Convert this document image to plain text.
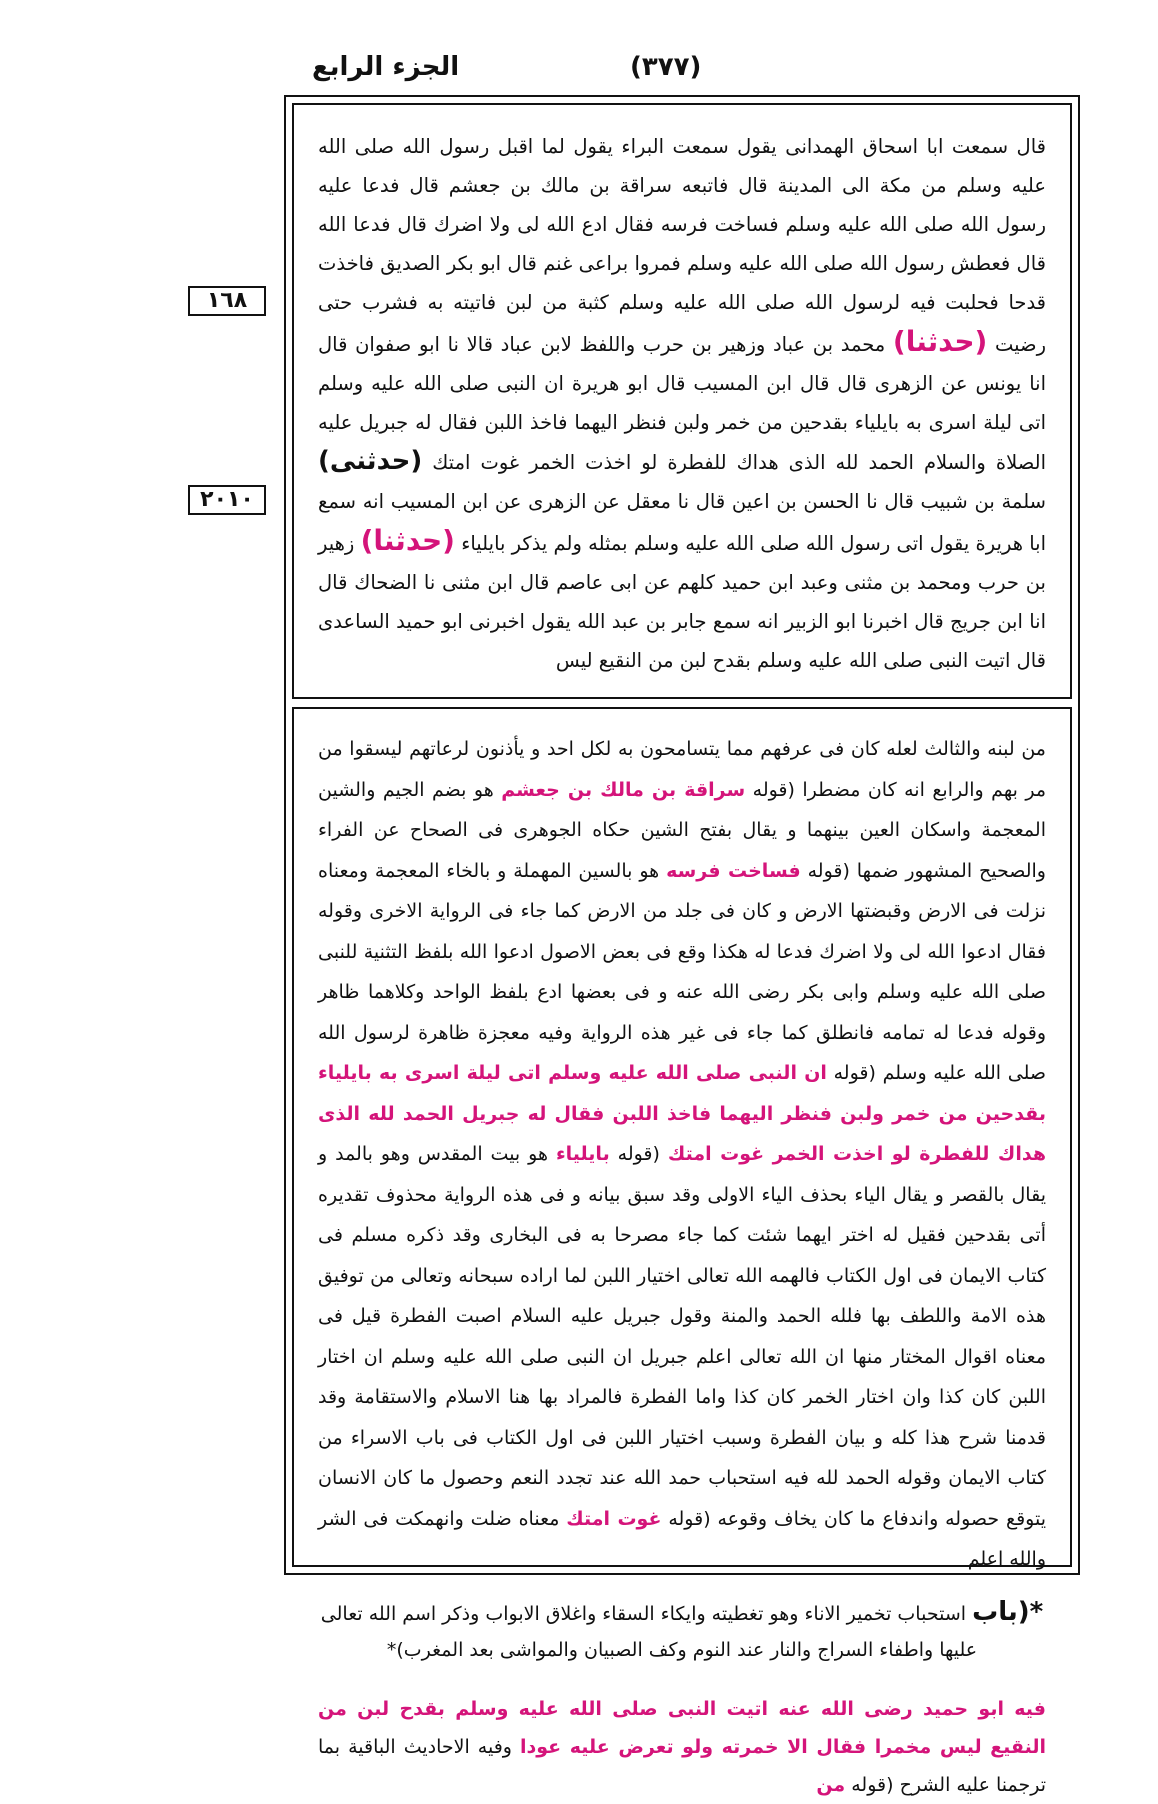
الجزء الرابع	(٣٧٧)
١٦٨
٢٠١٠
قال سمعت ابا اسحاق الهمدانى يقول سمعت البراء يقول لما اقبل رسول الله صلى الله عليه وسلم من مكة الى المدينة قال فاتبعه سراقة بن مالك بن جعشم قال فدعا عليه رسول الله صلى الله عليه وسلم فساخت فرسه فقال ادع الله لى ولا اضرك قال فدعا الله قال فعطش رسول الله صلى الله عليه وسلم فمروا براعى غنم قال ابو بكر الصديق فاخذت قدحا فحلبت فيه لرسول الله صلى الله عليه وسلم كثبة من لبن فاتيته به فشرب حتى رضيت (حدثنا) محمد بن عباد وزهير بن حرب واللفظ لابن عباد قالا نا ابو صفوان قال انا يونس عن الزهرى قال قال ابن المسيب قال ابو هريرة ان النبى صلى الله عليه وسلم اتى ليلة اسرى به بايلياء بقدحين من خمر ولبن فنظر اليهما فاخذ اللبن فقال له جبريل عليه الصلاة والسلام الحمد لله الذى هداك للفطرة لو اخذت الخمر غوت امتك (حدثنى) سلمة بن شبيب قال نا الحسن بن اعين قال نا معقل عن الزهرى عن ابن المسيب انه سمع ابا هريرة يقول اتى رسول الله صلى الله عليه وسلم بمثله ولم يذكر بايلياء (حدثنا) زهير بن حرب ومحمد بن مثنى وعبد ابن حميد كلهم عن ابى عاصم قال ابن مثنى نا الضحاك قال انا ابن جريج قال اخبرنا ابو الزبير انه سمع جابر بن عبد الله يقول اخبرنى ابو حميد الساعدى قال اتيت النبى صلى الله عليه وسلم بقدح لبن من النقيع ليس
من لبنه والثالث لعله كان فى عرفهم مما يتسامحون به لكل احد و يأذنون لرعاتهم ليسقوا من مر بهم والرابع انه كان مضطرا (قوله سراقة بن مالك بن جعشم هو بضم الجيم والشين المعجمة واسكان العين بينهما و يقال بفتح الشين حكاه الجوهرى فى الصحاح عن الفراء والصحيح المشهور ضمها (قوله فساخت فرسه هو بالسين المهملة و بالخاء المعجمة ومعناه نزلت فى الارض وقبضتها الارض و كان فى جلد من الارض كما جاء فى الرواية الاخرى وقوله فقال ادعوا الله لى ولا اضرك فدعا له هكذا وقع فى بعض الاصول ادعوا الله بلفظ التثنية للنبى صلى الله عليه وسلم وابى بكر رضى الله عنه و فى بعضها ادع بلفظ الواحد وكلاهما ظاهر وقوله فدعا له تمامه فانطلق كما جاء فى غير هذه الرواية وفيه معجزة ظاهرة لرسول الله صلى الله عليه وسلم (قوله ان النبى صلى الله عليه وسلم اتى ليلة اسرى به بايلياء بقدحين من خمر ولبن فنظر اليهما فاخذ اللبن فقال له جبريل الحمد لله الذى هداك للفطرة لو اخذت الخمر غوت امتك (قوله بايلياء هو بيت المقدس وهو بالمد و يقال بالقصر و يقال الياء بحذف الياء الاولى وقد سبق بيانه و فى هذه الرواية محذوف تقديره أتى بقدحين فقيل له اختر ايهما شئت كما جاء مصرحا به فى البخارى وقد ذكره مسلم فى كتاب الايمان فى اول الكتاب فالهمه الله تعالى اختيار اللبن لما اراده سبحانه وتعالى من توفيق هذه الامة واللطف بها فلله الحمد والمنة وقول جبريل عليه السلام اصبت الفطرة قيل فى معناه اقوال المختار منها ان الله تعالى اعلم جبريل ان النبى صلى الله عليه وسلم ان اختار اللبن كان كذا وان اختار الخمر كان كذا واما الفطرة فالمراد بها هنا الاسلام والاستقامة وقد قدمنا شرح هذا كله و بيان الفطرة وسبب اختيار اللبن فى اول الكتاب فى باب الاسراء من كتاب الايمان وقوله الحمد لله فيه استحباب حمد الله عند تجدد النعم وحصول ما كان الانسان يتوقع حصوله واندفاع ما كان يخاف وقوعه (قوله غوت امتك معناه ضلت وانهمكت فى الشر والله اعلم
*(باب استحباب تخمير الاناء وهو تغطيته وايكاء السقاء واغلاق الابواب وذكر اسم الله تعالى عليها واطفاء السراج والنار عند النوم وكف الصبيان والمواشى بعد المغرب)*
فيه ابو حميد رضى الله عنه اتيت النبى صلى الله عليه وسلم بقدح لبن من النقيع ليس مخمرا فقال الا خمرته ولو تعرض عليه عودا وفيه الاحاديث الباقية بما ترجمنا عليه الشرح (قوله من
